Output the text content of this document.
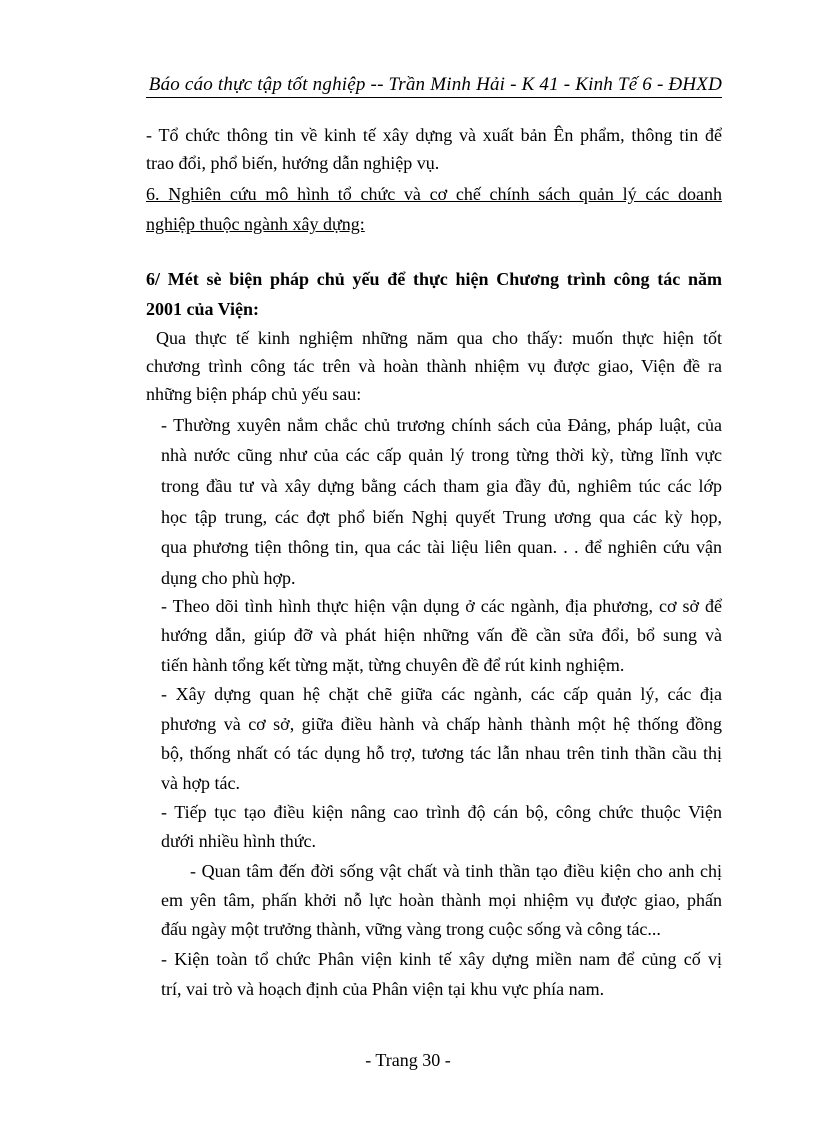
Báo cáo thực tập tốt nghiệp -- Trần Minh Hải - K 41 - Kinh Tế 6 - ĐHXD
- Tổ chức thông tin về kinh tế xây dựng và xuất bản Ên phẩm, thông tin để
trao đổi, phổ biến, hướng dẫn nghiệp vụ.
6. Nghiên cứu mô hình tổ chức và cơ chế chính sách quản lý các doanh
nghiệp thuộc ngành xây dựng:
6/ Mét sè biện pháp chủ yếu để thực hiện Chương trình công tác năm
2001 của Viện:
Qua thực tế kinh nghiệm những năm qua cho thấy: muốn thực hiện tốt
chương trình công tác trên và hoàn thành nhiệm vụ được giao, Viện đề ra
những biện pháp chủ yếu sau:
- Thường xuyên nắm chắc chủ trương chính sách của Đảng, pháp luật, của
nhà nước cũng như của các cấp quản lý trong từng thời kỳ, từng lĩnh vực
trong đầu tư và xây dựng bằng cách tham gia đầy đủ, nghiêm túc các lớp
học tập trung, các đợt phổ biến Nghị quyết Trung ương qua các kỳ họp,
qua phương tiện thông tin, qua các tài liệu liên quan. . . để nghiên cứu vận
dụng cho phù hợp.
- Theo dõi tình hình thực hiện vận dụng ở các ngành, địa phương, cơ sở để
hướng dẫn, giúp đỡ và phát hiện những vấn đề cần sửa đổi, bổ sung và
tiến hành tổng kết từng mặt, từng chuyên đề để rút kinh nghiệm.
- Xây dựng quan hệ chặt chẽ giữa các ngành, các cấp quản lý, các địa
phương và cơ sở, giữa điều hành và chấp hành thành một hệ thống đồng
bộ, thống nhất có tác dụng hỗ trợ, tương tác lẫn nhau trên tinh thần cầu thị
và hợp tác.
- Tiếp tục tạo điều kiện nâng cao trình độ cán bộ, công chức thuộc Viện
dưới nhiều hình thức.
- Quan tâm đến đời sống vật chất và tinh thần tạo điều kiện cho anh chị
em yên tâm, phấn khởi nỗ lực hoàn thành mọi nhiệm vụ được giao, phấn
đấu ngày một trưởng thành, vững vàng trong cuộc sống và công tác...
- Kiện toàn tổ chức Phân viện kinh tế xây dựng miền nam để củng cố vị
trí, vai trò và hoạch định của Phân viện tại khu vực phía nam.
- Trang 30 -
